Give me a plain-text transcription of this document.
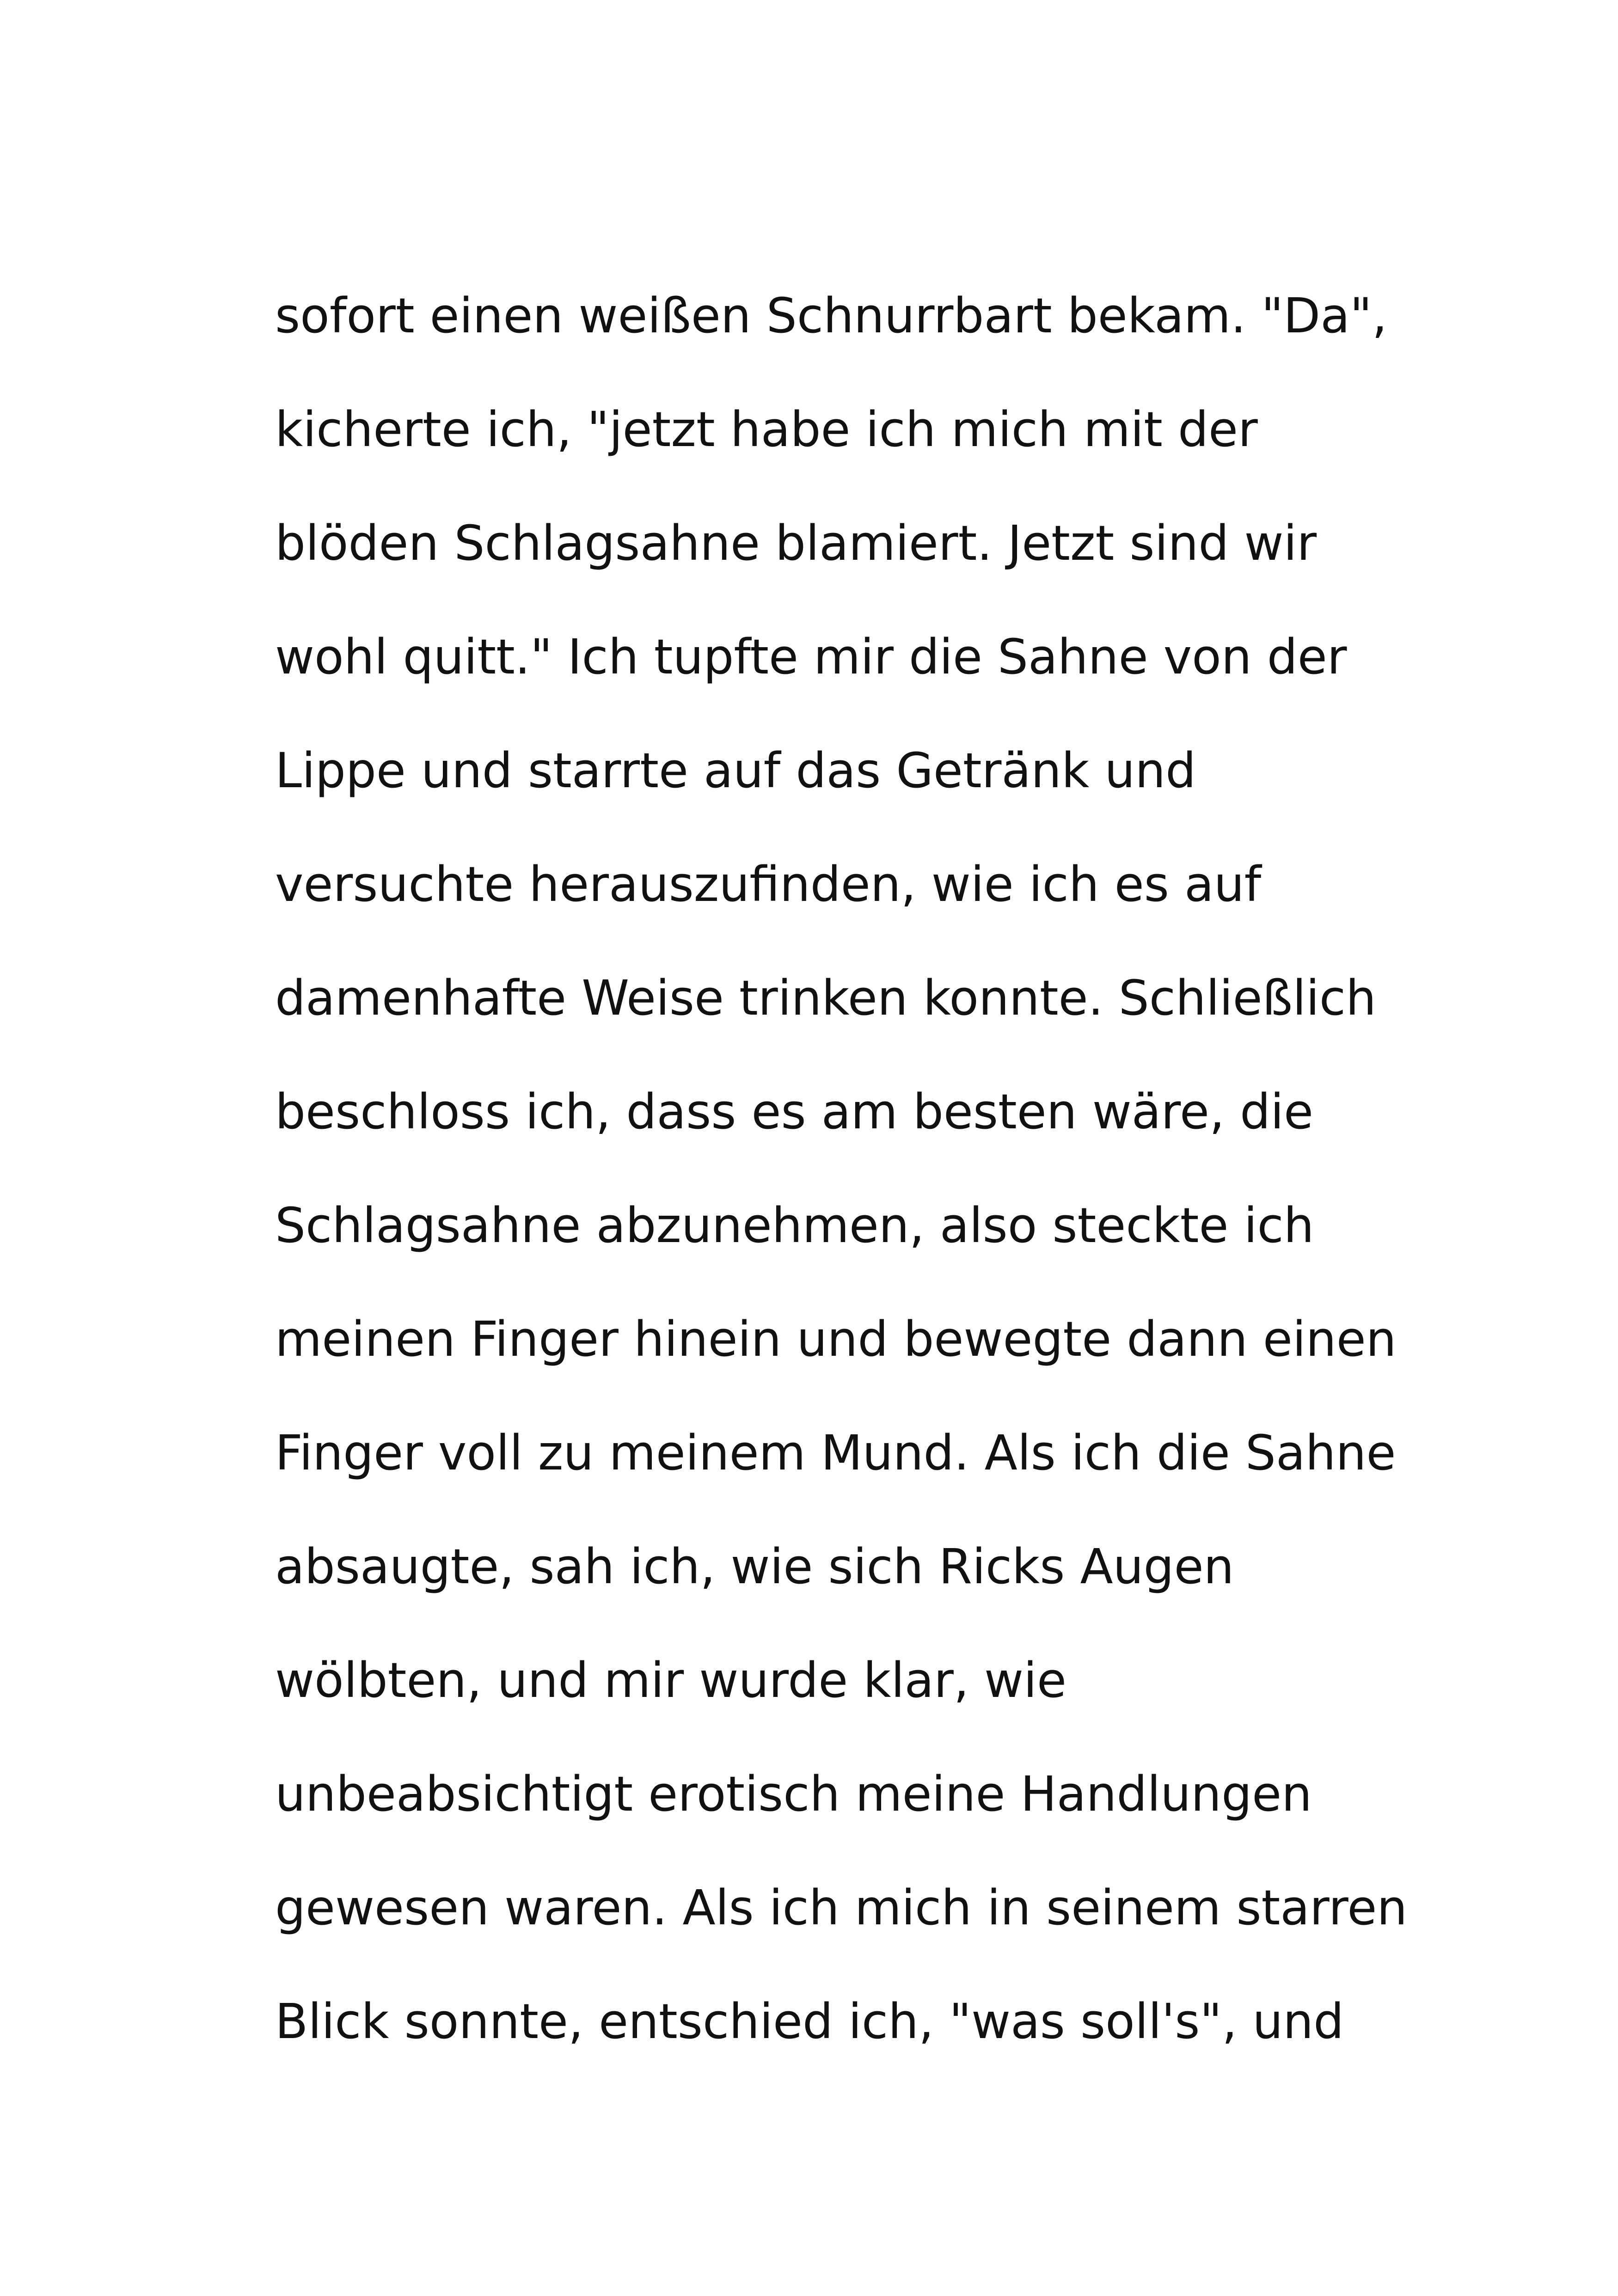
sofort einen weißen Schnurrbart bekam. "Da",
kicherte ich, "jetzt habe ich mich mit der
blöden Schlagsahne blamiert. Jetzt sind wir
wohl quitt." Ich tupfte mir die Sahne von der
Lippe und starrte auf das Getränk und
versuchte herauszufinden, wie ich es auf
damenhafte Weise trinken konnte. Schließlich
beschloss ich, dass es am besten wäre, die
Schlagsahne abzunehmen, also steckte ich
meinen Finger hinein und bewegte dann einen
Finger voll zu meinem Mund. Als ich die Sahne
absaugte, sah ich, wie sich Ricks Augen
wölbten, und mir wurde klar, wie
unbeabsichtigt erotisch meine Handlungen
gewesen waren. Als ich mich in seinem starren
Blick sonnte, entschied ich, "was soll's", und
